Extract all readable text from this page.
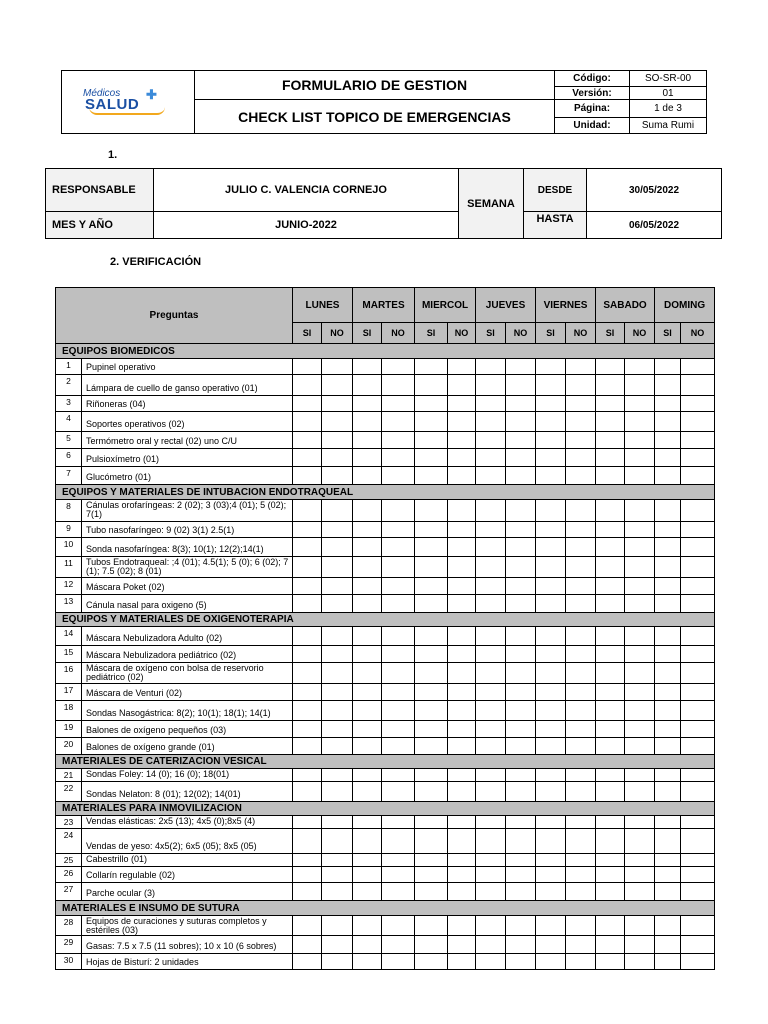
Médicos
SALUD
✚	FORMULARIO DE GESTION	Código:	SO-SR-00
		Versión:	01
	CHECK LIST TOPICO DE EMERGENCIAS	Página:	1 de 3
		Unidad:	Suma Rumi
1.
RESPONSABLE	JULIO C. VALENCIA CORNEJO	SEMANA	DESDE	30/05/2022
MES Y AÑO	JUNIO-2022		HASTA	06/05/2022
2. VERIFICACIÓN
Preguntas		LUNES		MARTES		MIERCOL		JUEVES		VIERNES		SABADO		DOMING	
		SI	NO	SI	NO	SI	NO	SI	NO	SI	NO	SI	NO	SI	NO
EQUIPOS BIOMEDICOS															
1	Pupinel operativo														
2	Lámpara de cuello de ganso operativo (01)														
3	Riñoneras (04)														
4	Soportes operativos (02)														
5	Termómetro oral y rectal (02) uno C/U														
6	Pulsioxímetro (01)														
7	Glucómetro (01)														
EQUIPOS Y MATERIALES DE INTUBACION ENDOTRAQUEAL															
8	Cánulas orofaríngeas: 2 (02); 3 (03);4 (01); 5 (02); 7(1)														
9	Tubo nasofaríngeo: 9 (02) 3(1) 2.5(1)														
10	Sonda nasofaríngea: 8(3); 10(1); 12(2);14(1)														
11	Tubos Endotraqueal: ;4 (01); 4.5(1); 5 (0); 6 (02); 7 (1); 7.5 (02); 8 (01)														
12	Máscara Poket (02)														
13	Cánula nasal para oxigeno (5)														
EQUIPOS Y MATERIALES DE OXIGENOTERAPIA															
14	Máscara Nebulizadora Adulto (02)														
15	Máscara Nebulizadora pediátrico (02)														
16	Máscara de oxígeno con bolsa de reservorio pediátrico (02)														
17	Máscara de Venturi (02)														
18	Sondas Nasogástrica: 8(2); 10(1); 18(1); 14(1)														
19	Balones de oxígeno pequeños (03)														
20	Balones de oxígeno grande (01)														
MATERIALES DE CATERIZACION VESICAL															
21	Sondas Foley: 14 (0); 16 (0); 18(01)														
22	Sondas Nelaton: 8 (01); 12(02); 14(01)														
MATERIALES PARA INMOVILIZACION															
23	Vendas elásticas: 2x5 (13); 4x5 (0);8x5 (4)														
24	Vendas de yeso: 4x5(2); 6x5 (05); 8x5 (05)														
25	Cabestrillo (01)														
26	Collarín regulable (02)														
27	Parche ocular (3)														
MATERIALES E INSUMO DE SUTURA															
28	Equipos de curaciones y suturas completos y estériles (03)														
29	Gasas: 7.5 x 7.5 (11 sobres); 10 x 10 (6 sobres)														
30	Hojas de Bisturí: 2 unidades														
